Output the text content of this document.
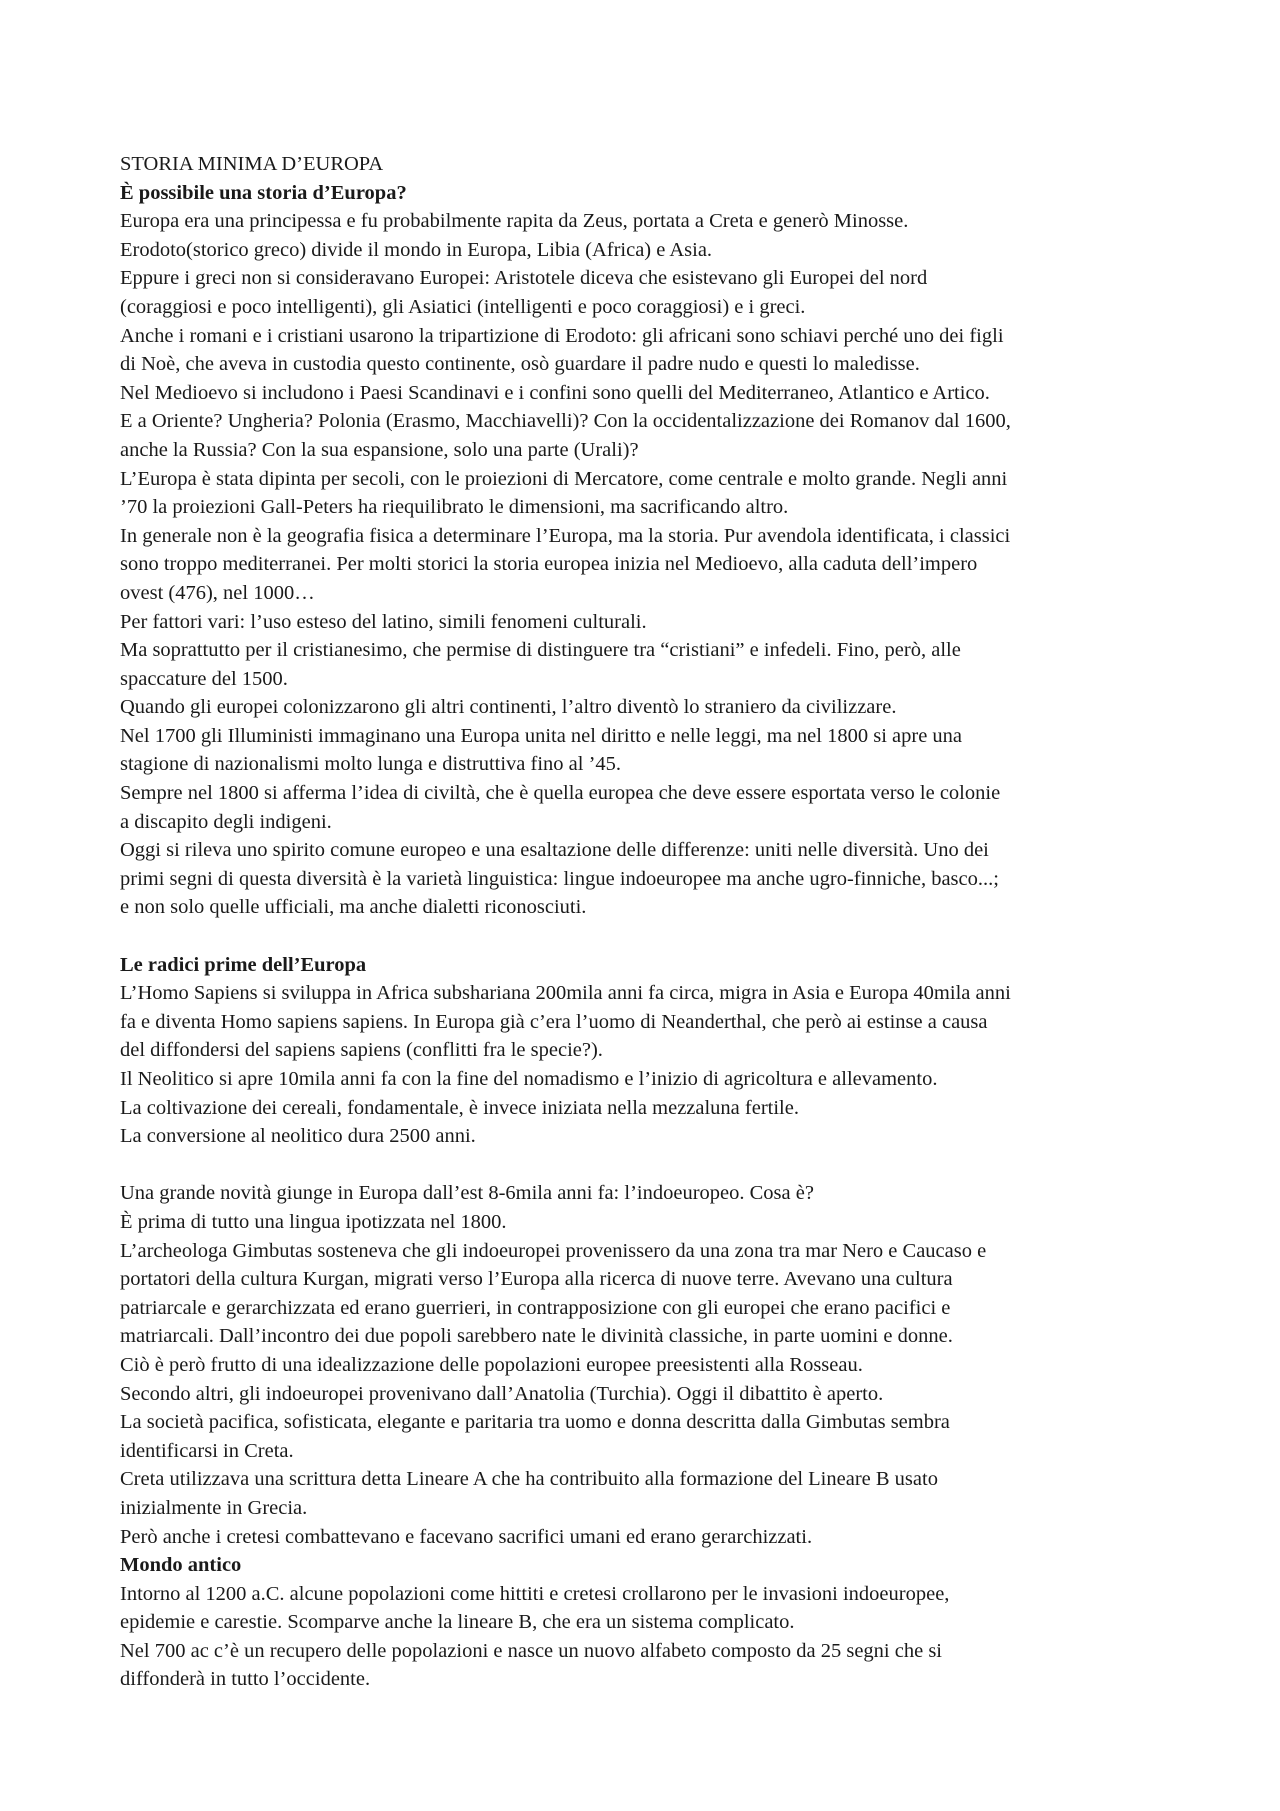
STORIA MINIMA D’EUROPA
È possibile una storia d’Europa?
Europa era una principessa e fu probabilmente rapita da Zeus, portata a Creta e generò Minosse.
Erodoto(storico greco) divide il mondo in Europa, Libia (Africa) e Asia.
Eppure i greci non si consideravano Europei: Aristotele diceva che esistevano gli Europei del nord
(coraggiosi e poco intelligenti), gli Asiatici (intelligenti e poco coraggiosi) e i greci.
Anche i romani e i cristiani usarono la tripartizione di Erodoto: gli africani sono schiavi perché uno dei figli
di Noè, che aveva in custodia questo continente, osò guardare il padre nudo e questi lo maledisse.
Nel Medioevo si includono i Paesi Scandinavi e i confini sono quelli del Mediterraneo, Atlantico e Artico.
E a Oriente? Ungheria? Polonia (Erasmo, Macchiavelli)? Con la occidentalizzazione dei Romanov dal 1600,
anche la Russia? Con la sua espansione, solo una parte (Urali)?
L’Europa è stata dipinta per secoli, con le proiezioni di Mercatore, come centrale e molto grande. Negli anni
’70 la proiezioni Gall-Peters ha riequilibrato le dimensioni, ma sacrificando altro.
In generale non è la geografia fisica a determinare l’Europa, ma la storia. Pur avendola identificata, i classici
sono troppo mediterranei. Per molti storici la storia europea inizia nel Medioevo, alla caduta dell’impero
ovest (476), nel 1000…
Per fattori vari: l’uso esteso del latino, simili fenomeni culturali.
Ma soprattutto per il cristianesimo, che permise di distinguere tra “cristiani” e infedeli. Fino, però, alle
spaccature del 1500.
Quando gli europei colonizzarono gli altri continenti, l’altro diventò lo straniero da civilizzare.
Nel 1700 gli Illuministi immaginano una Europa unita nel diritto e nelle leggi, ma nel 1800 si apre una
stagione di nazionalismi molto lunga e distruttiva fino al ’45.
Sempre nel 1800 si afferma l’idea di civiltà, che è quella europea che deve essere esportata verso le colonie
a discapito degli indigeni.
Oggi si rileva uno spirito comune europeo e una esaltazione delle differenze: uniti nelle diversità. Uno dei
primi segni di questa diversità è la varietà linguistica: lingue indoeuropee ma anche ugro-finniche, basco...;
e non solo quelle ufficiali, ma anche dialetti riconosciuti.
Le radici prime dell’Europa
L’Homo Sapiens si sviluppa in Africa subshariana 200mila anni fa circa, migra in Asia e Europa 40mila anni
fa e diventa Homo sapiens sapiens. In Europa già c’era l’uomo di Neanderthal, che però ai estinse a causa
del diffondersi del sapiens sapiens (conflitti fra le specie?).
Il Neolitico si apre 10mila anni fa con la fine del nomadismo e l’inizio di agricoltura e allevamento.
La coltivazione dei cereali, fondamentale, è invece iniziata nella mezzaluna fertile.
La conversione al neolitico dura 2500 anni.
Una grande novità giunge in Europa dall’est 8-6mila anni fa: l’indoeuropeo. Cosa è?
È prima di tutto una lingua ipotizzata nel 1800.
L’archeologa Gimbutas sosteneva che gli indoeuropei provenissero da una zona tra mar Nero e Caucaso e
portatori della cultura Kurgan, migrati verso l’Europa alla ricerca di nuove terre. Avevano una cultura
patriarcale e gerarchizzata ed erano guerrieri, in contrapposizione con gli europei che erano pacifici e
matriarcali. Dall’incontro dei due popoli sarebbero nate le divinità classiche, in parte uomini e donne.
Ciò è però frutto di una idealizzazione delle popolazioni europee preesistenti alla Rosseau.
Secondo altri, gli indoeuropei provenivano dall’Anatolia (Turchia). Oggi il dibattito è aperto.
La società pacifica, sofisticata, elegante e paritaria tra uomo e donna descritta dalla Gimbutas sembra
identificarsi in Creta.
Creta utilizzava una scrittura detta Lineare A che ha contribuito alla formazione del Lineare B usato
inizialmente in Grecia.
Però anche i cretesi combattevano e facevano sacrifici umani ed erano gerarchizzati.
Mondo antico
Intorno al 1200 a.C. alcune popolazioni come hittiti e cretesi crollarono per le invasioni indoeuropee,
epidemie e carestie. Scomparve anche la lineare B, che era un sistema complicato.
Nel 700 ac c’è un recupero delle popolazioni e nasce un nuovo alfabeto composto da 25 segni che si
diffonderà in tutto l’occidente.
